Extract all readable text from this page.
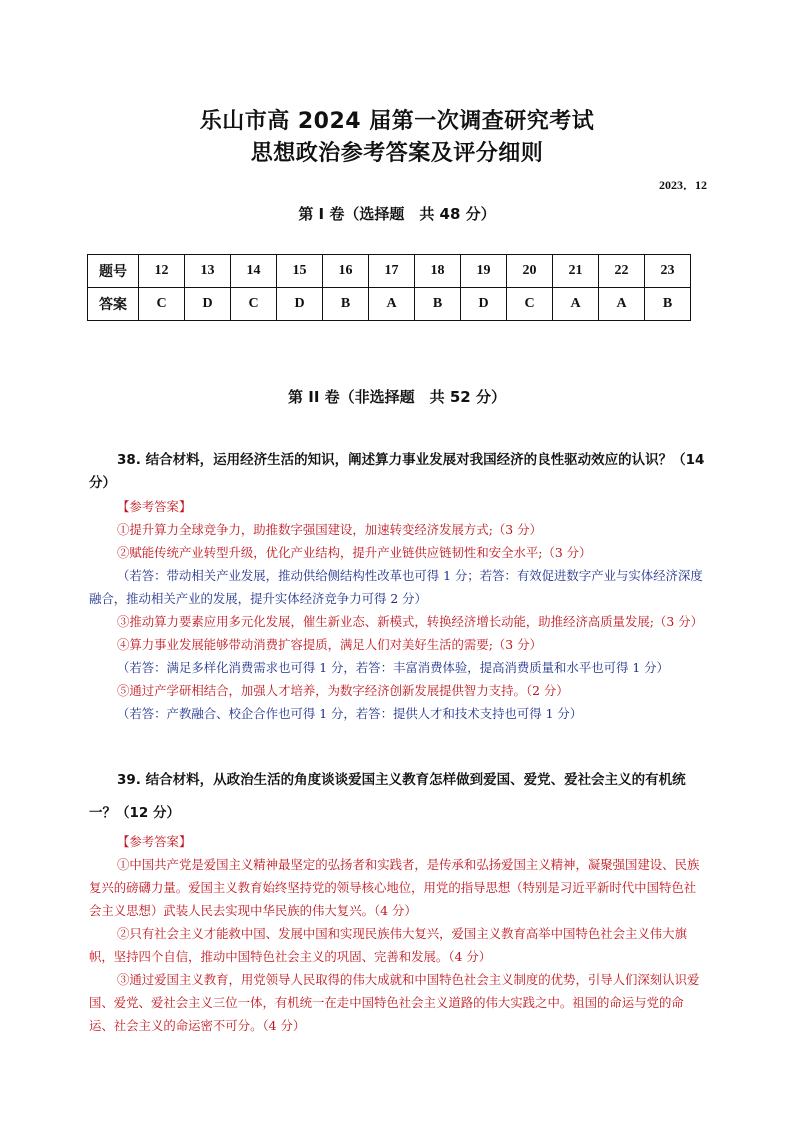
乐山市高 2024 届第一次调查研究考试
思想政治参考答案及评分细则
2023．12
第 I 卷（选择题　共 48 分）
题号	12	13	14	15	16	17	18	19	20	21	22	23
答案	C	D	C	D	B	A	B	D	C	A	A	B
第 II 卷（非选择题　共 52 分）
38. 结合材料，运用经济生活的知识，阐述算力事业发展对我国经济的良性驱动效应的认识？（14 分）
【参考答案】
①提升算力全球竞争力，助推数字强国建设，加速转变经济发展方式;（3 分）
②赋能传统产业转型升级，优化产业结构，提升产业链供应链韧性和安全水平;（3 分）
（若答：带动相关产业发展，推动供给侧结构性改革也可得 1 分；若答：有效促进数字产业与实体经济深度融合，推动相关产业的发展，提升实体经济竞争力可得 2 分）
③推动算力要素应用多元化发展，催生新业态、新模式，转换经济增长动能，助推经济高质量发展;（3 分）
④算力事业发展能够带动消费扩容提质，满足人们对美好生活的需要;（3 分）
（若答：满足多样化消费需求也可得 1 分，若答：丰富消费体验，提高消费质量和水平也可得 1 分）
⑤通过产学研相结合，加强人才培养，为数字经济创新发展提供智力支持。（2 分）
（若答：产教融合、校企合作也可得 1 分，若答：提供人才和技术支持也可得 1 分）
39. 结合材料，从政治生活的角度谈谈爱国主义教育怎样做到爱国、爱党、爱社会主义的有机统一？（12 分）
【参考答案】
①中国共产党是爱国主义精神最坚定的弘扬者和实践者，是传承和弘扬爱国主义精神，凝聚强国建设、民族复兴的磅礴力量。爱国主义教育始终坚持党的领导核心地位，用党的指导思想（特别是习近平新时代中国特色社会主义思想）武装人民去实现中华民族的伟大复兴。（4 分）
②只有社会主义才能救中国、发展中国和实现民族伟大复兴，爱国主义教育高举中国特色社会主义伟大旗帜，坚持四个自信，推动中国特色社会主义的巩固、完善和发展。（4 分）
③通过爱国主义教育，用党领导人民取得的伟大成就和中国特色社会主义制度的优势，引导人们深刻认识爱国、爱党、爱社会主义三位一体，有机统一在走中国特色社会主义道路的伟大实践之中。祖国的命运与党的命运、社会主义的命运密不可分。（4 分）
